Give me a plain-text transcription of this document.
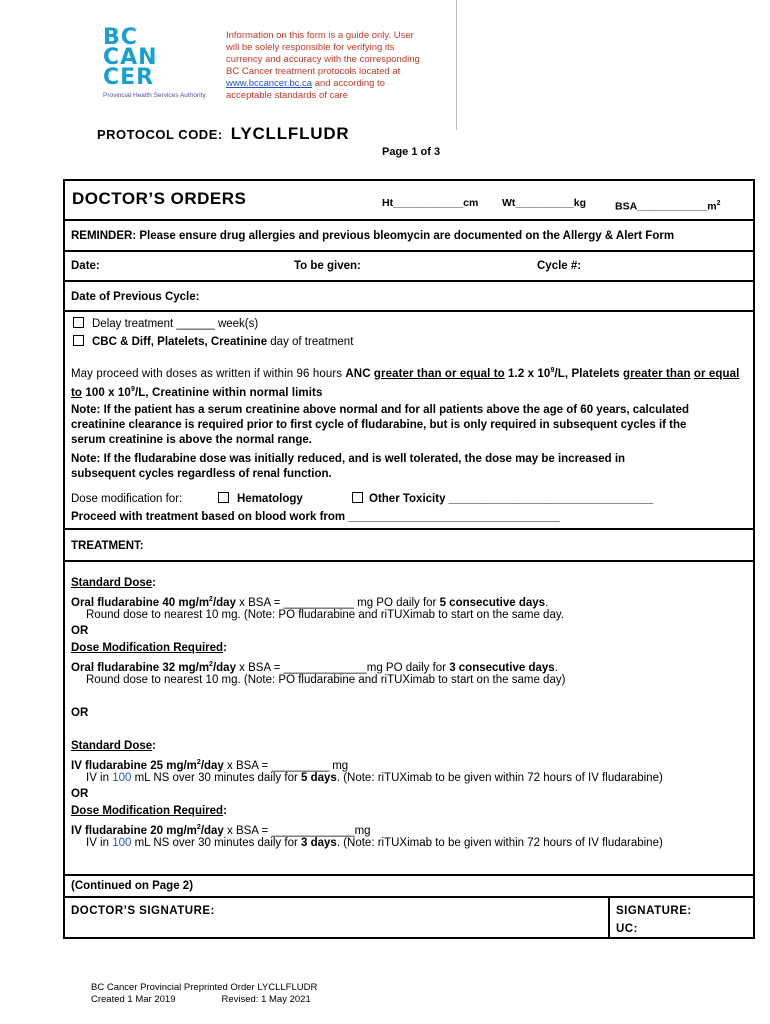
BC
CAN
CER
Provincial Health Services Authority
Information on this form is a guide only. User
will be solely responsible for verifying its
currency and accuracy with the corresponding
BC Cancer treatment protocols located at
www.bccancer.bc.ca and according to
acceptable standards of care
PROTOCOL CODE: LYCLLFLUDR
Page 1 of 3
DOCTOR’S ORDERS	Ht____________cm Wt__________kg	$BSA\_\_\_\_\_\_\_\_\_\_\_\_m^2$
REMINDER: Please ensure drug allergies and previous bleomycin are documented on the Allergy & Alert Form
Date:	To be given:	Cycle #:
Date of Previous Cycle:
Delay treatment ______ week(s)
CBC & Diff, Platelets, Creatinine day of treatment
May proceed with doses as written if within 96 hours ANC greater than or equal to 1.2 x $10^9/L$, Platelets greater than or equal to 100 x $10^9/L$, Creatinine within normal limits
Note: If the patient has a serum creatinine above normal and for all patients above the age of 60 years, calculated
creatinine clearance is required prior to first cycle of fludarabine, but is only required in subsequent cycles if the
serum creatinine is above the normal range.
Note: If the fludarabine dose was initially reduced, and is well tolerated, the dose may be increased in
subsequent cycles regardless of renal function.
Dose modification for:	Hematology	Other Toxicity ________________________________
Proceed with treatment based on blood work from _________________________________
TREATMENT:
Standard Dose:
Oral fludarabine 40 $mg/m^2$/day x BSA = ___________ mg PO daily for 5 consecutive days.
Round dose to nearest 10 mg. (Note: PO fludarabine and riTUXimab to start on the same day.
OR
Dose Modification Required:
Oral fludarabine 32 $mg/m^2$/day x BSA = _____________mg PO daily for 3 consecutive days.
Round dose to nearest 10 mg. (Note: PO fludarabine and riTUXimab to start on the same day)
OR
Standard Dose:
IV fludarabine 25 $mg/m^2$/day x BSA = _________ mg
IV in 100 mL NS over 30 minutes daily for 5 days. (Note: riTUXimab to be given within 72 hours of IV fludarabine)
OR
Dose Modification Required:
IV fludarabine 20 $mg/m^2$/day x BSA = _____________mg
IV in 100 mL NS over 30 minutes daily for 3 days. (Note: riTUXimab to be given within 72 hours of IV fludarabine)
(Continued on Page 2)
DOCTOR’S SIGNATURE:	SIGNATURE:
UC:
BC Cancer Provincial Preprinted Order LYCLLFLUDR
Created 1 Mar 2019	Revised: 1 May 2021
